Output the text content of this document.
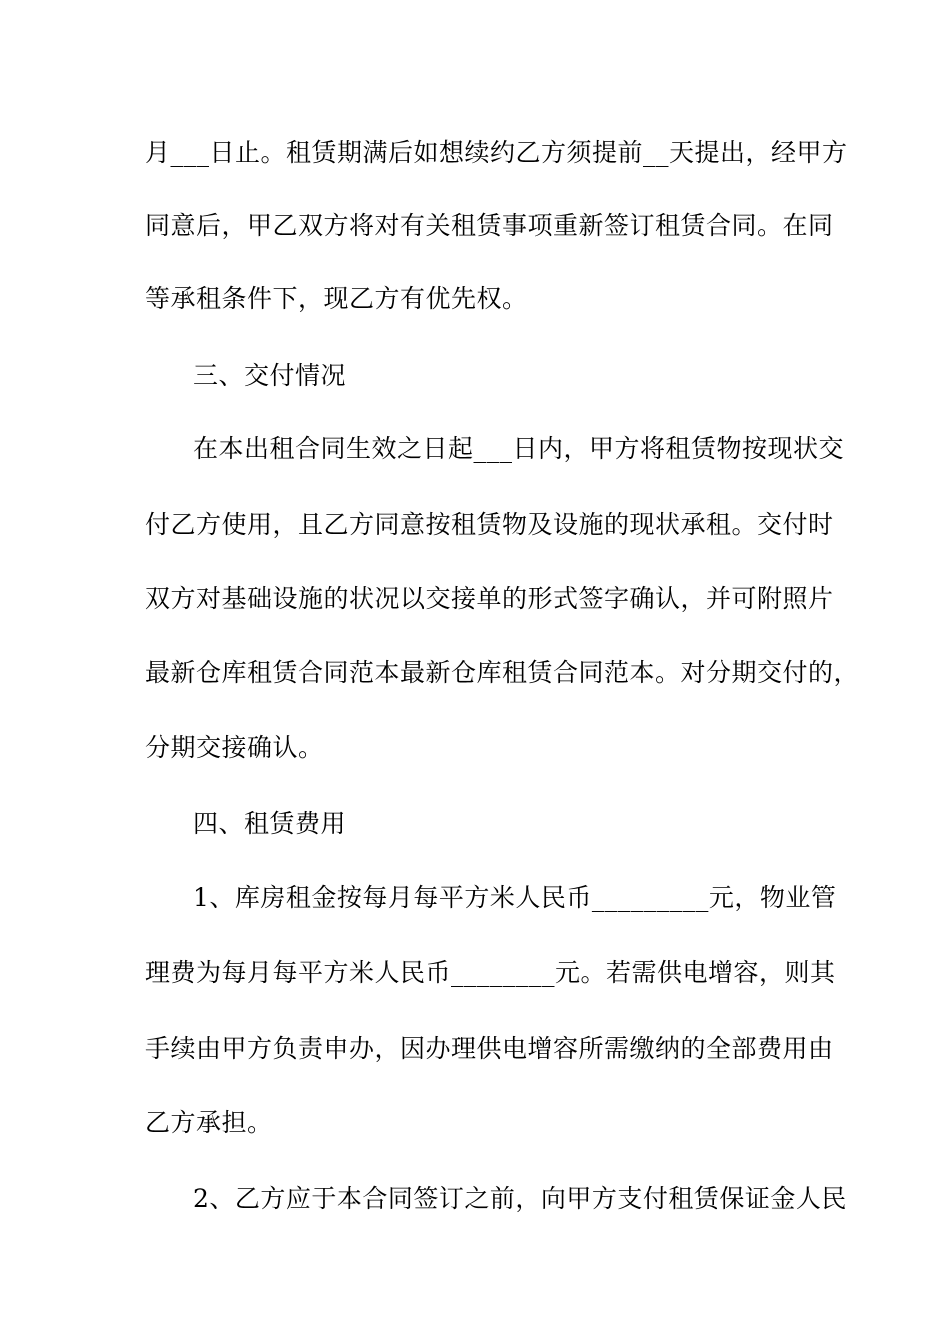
月___日止。租赁期满后如想续约乙方须提前__天提出，经甲方
同意后，甲乙双方将对有关租赁事项重新签订租赁合同。在同
等承租条件下，现乙方有优先权。
三、交付情况
在本出租合同生效之日起___日内，甲方将租赁物按现状交
付乙方使用，且乙方同意按租赁物及设施的现状承租。交付时
双方对基础设施的状况以交接单的形式签字确认，并可附照片
最新仓库租赁合同范本最新仓库租赁合同范本。对分期交付的，
分期交接确认。
四、租赁费用
1、库房租金按每月每平方米人民币_________元，物业管
理费为每月每平方米人民币________元。若需供电增容，则其
手续由甲方负责申办，因办理供电增容所需缴纳的全部费用由
乙方承担。
2、乙方应于本合同签订之前，向甲方支付租赁保证金人民
